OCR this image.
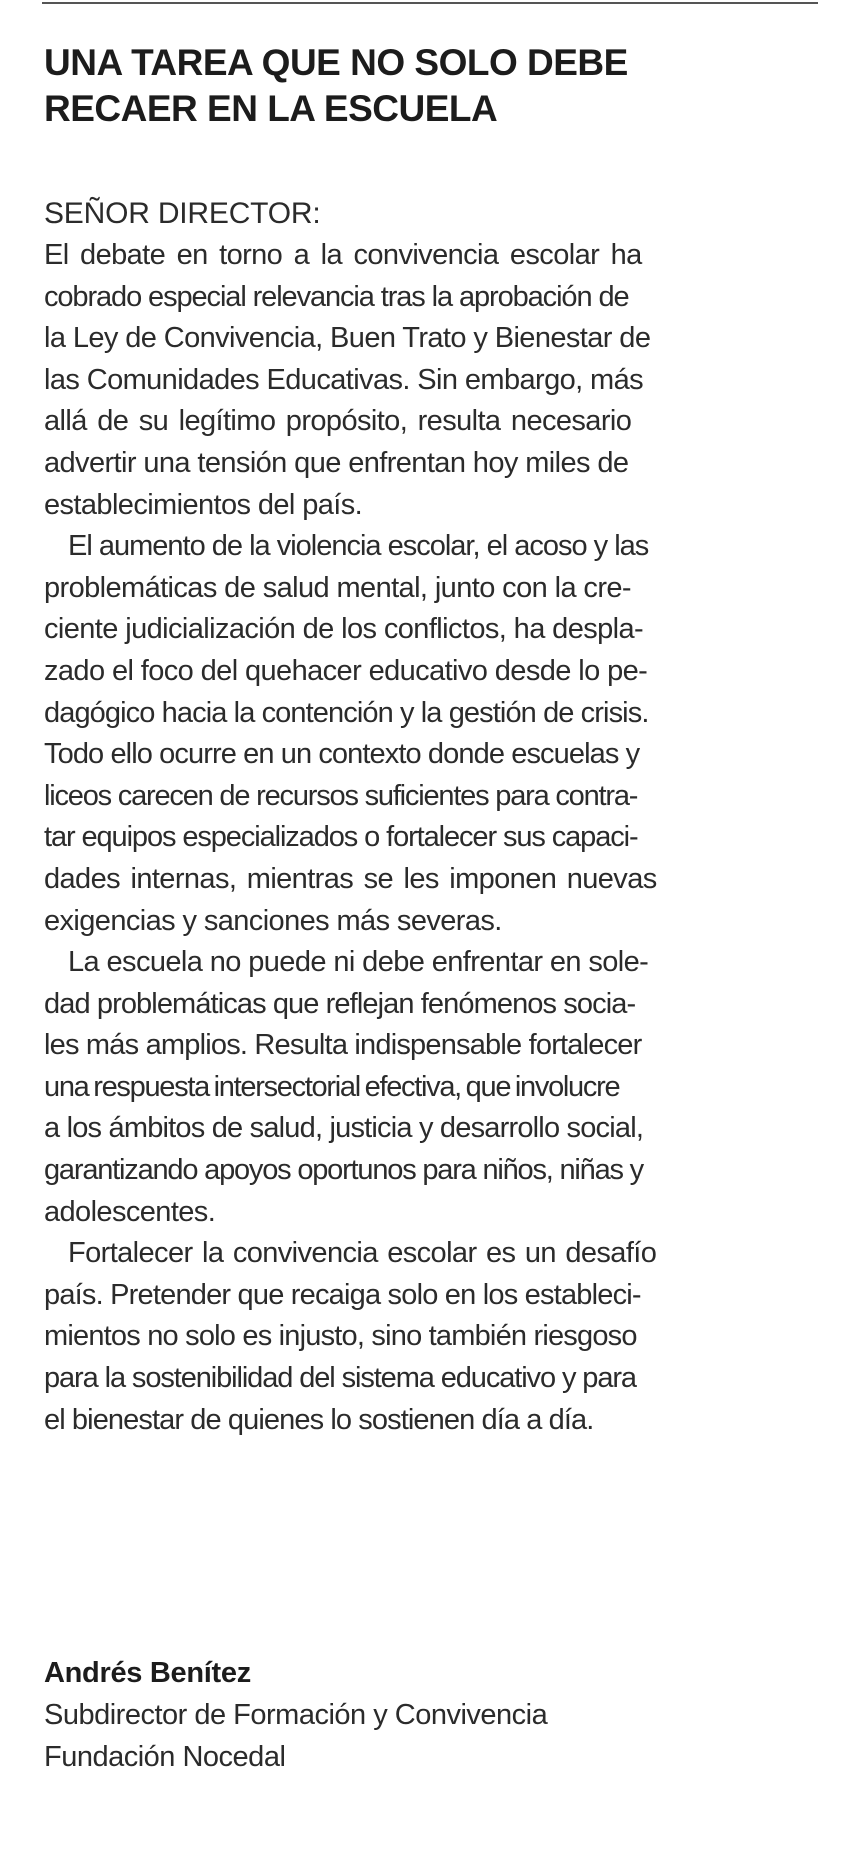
UNA TAREA QUE NO SOLO DEBE
RECAER EN LA ESCUELA

SEÑOR DIRECTOR:

El debate en torno a la convivencia escolar ha
cobrado especial relevancia tras la aprobación de
la Ley de Convivencia, Buen Trato y Bienestar de
las Comunidades Educativas. Sin embargo, más
allá de su legítimo propósito, resulta necesario
advertir una tensión que enfrentan hoy miles de
establecimientos del país.

El aumento de la violencia escolar, el acoso y las
problemáticas de salud mental, junto con la cre-
ciente judicialización de los conflictos, ha despla-
zado el foco del quehacer educativo desde lo pe-
dagógico hacia la contención y la gestión de crisis.
Todo ello ocurre en un contexto donde escuelas y
liceos carecen de recursos suficientes para contra-
tar equipos especializados o fortalecer sus capaci-
dades internas, mientras se les imponen nuevas
exigencias y sanciones más severas.

La escuela no puede ni debe enfrentar en sole-
dad problemáticas que reflejan fenómenos socia-
les más amplios. Resulta indispensable fortalecer
una respuesta intersectorial efectiva, que involucre
a los ámbitos de salud, justicia y desarrollo social,
garantizando apoyos oportunos para niños, niñas y
adolescentes.

Fortalecer la convivencia escolar es un desafío
país. Pretender que recaiga solo en los estableci-
mientos no solo es injusto, sino también riesgoso
para la sostenibilidad del sistema educativo y para
el bienestar de quienes lo sostienen día a día.

Andrés Benítez
Subdirector de Formación y Convivencia
Fundación Nocedal
